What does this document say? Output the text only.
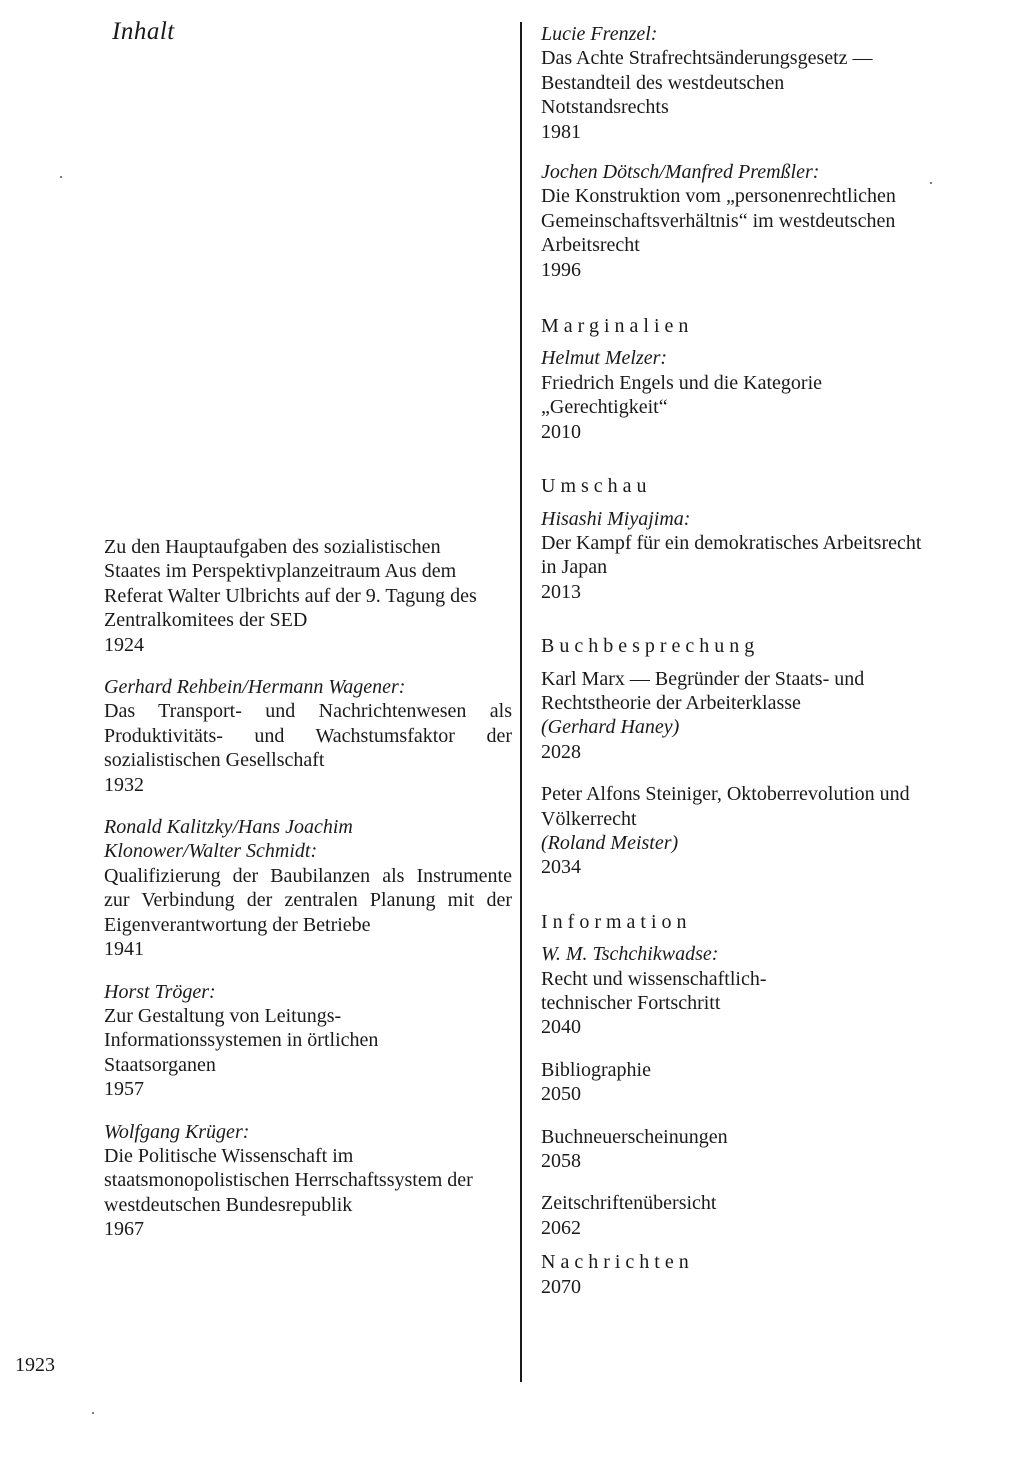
Inhalt
Zu den Hauptaufgaben des sozialistischen Staates im Perspektivplanzeitraum Aus dem Referat Walter Ulbrichts auf der 9. Tagung des Zentralkomitees der SED
1924
Gerhard Rehbein/Hermann Wagener:
Das Transport- und Nachrichtenwesen als Produktivitäts- und Wachstumsfaktor der sozialistischen Gesellschaft
1932
Ronald Kalitzky/Hans Joachim Klonower/Walter Schmidt:
Qualifizierung der Baubilanzen als Instrumente zur Verbindung der zentralen Planung mit der Eigenverantwortung der Betriebe
1941
Horst Tröger:
Zur Gestaltung von Leitungs-Informationssystemen in örtlichen Staatsorganen
1957
Wolfgang Krüger:
Die Politische Wissenschaft im staatsmonopolistischen Herrschaftssystem der westdeutschen Bundesrepublik
1967
1923
Lucie Frenzel:
Das Achte Strafrechtsänderungsgesetz — Bestandteil des westdeutschen Notstandsrechts
1981
Jochen Dötsch/Manfred Premßler:
Die Konstruktion vom „personenrechtlichen Gemeinschaftsverhältnis“ im westdeutschen Arbeitsrecht
1996
Marginalien
Helmut Melzer:
Friedrich Engels und die Kategorie „Gerechtigkeit“
2010
Umschau
Hisashi Miyajima:
Der Kampf für ein demokratisches Arbeitsrecht in Japan
2013
Buchbesprechung
Karl Marx — Begründer der Staats- und Rechtstheorie der Arbeiterklasse
(Gerhard Haney)
2028
Peter Alfons Steiniger, Oktoberrevolution und Völkerrecht
(Roland Meister)
2034
Information
W. M. Tschchikwadse:
Recht und wissenschaftlich-technischer Fortschritt
2040
Bibliographie
2050
Buchneuerscheinungen
2058
Zeitschriftenübersicht
2062
Nachrichten
2070
